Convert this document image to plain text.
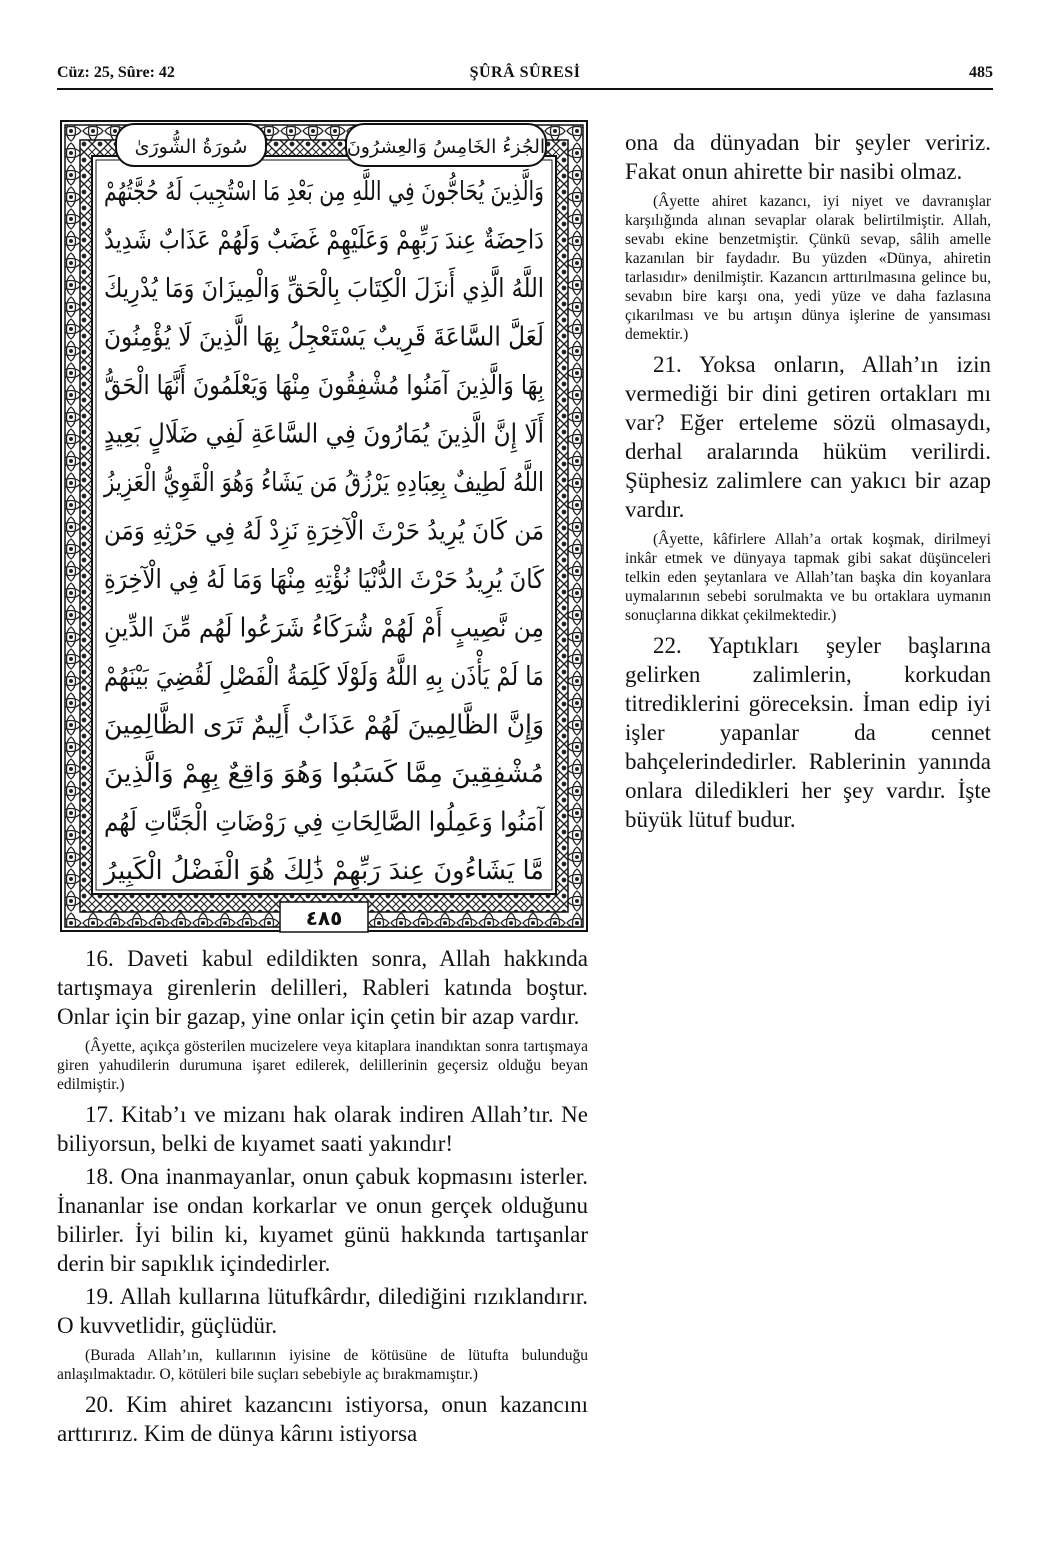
Cüz: 25, Sûre: 42	ŞÛRÂ SÛRESİ	485
الجُزءُ الخَامِسُ وَالعِشرُونَ
سُورَةُ الشُّورَىٰ
وَالَّذِينَ يُحَاجُّونَ فِي اللَّهِ مِن بَعْدِ مَا اسْتُجِيبَ لَهُ حُجَّتُهُمْ
دَاحِضَةٌ عِندَ رَبِّهِمْ وَعَلَيْهِمْ غَضَبٌ وَلَهُمْ عَذَابٌ شَدِيدٌ
اللَّهُ الَّذِي أَنزَلَ الْكِتَابَ بِالْحَقِّ وَالْمِيزَانَ وَمَا يُدْرِيكَ
لَعَلَّ السَّاعَةَ قَرِيبٌ يَسْتَعْجِلُ بِهَا الَّذِينَ لَا يُؤْمِنُونَ
بِهَا وَالَّذِينَ آمَنُوا مُشْفِقُونَ مِنْهَا وَيَعْلَمُونَ أَنَّهَا الْحَقُّ
أَلَا إِنَّ الَّذِينَ يُمَارُونَ فِي السَّاعَةِ لَفِي ضَلَالٍ بَعِيدٍ
اللَّهُ لَطِيفٌ بِعِبَادِهِ يَرْزُقُ مَن يَشَاءُ وَهُوَ الْقَوِيُّ الْعَزِيزُ
مَن كَانَ يُرِيدُ حَرْثَ الْآخِرَةِ نَزِدْ لَهُ فِي حَرْثِهِ وَمَن
كَانَ يُرِيدُ حَرْثَ الدُّنْيَا نُؤْتِهِ مِنْهَا وَمَا لَهُ فِي الْآخِرَةِ
مِن نَّصِيبٍ أَمْ لَهُمْ شُرَكَاءُ شَرَعُوا لَهُم مِّنَ الدِّينِ
مَا لَمْ يَأْذَن بِهِ اللَّهُ وَلَوْلَا كَلِمَةُ الْفَصْلِ لَقُضِيَ بَيْنَهُمْ
وَإِنَّ الظَّالِمِينَ لَهُمْ عَذَابٌ أَلِيمٌ تَرَى الظَّالِمِينَ
مُشْفِقِينَ مِمَّا كَسَبُوا وَهُوَ وَاقِعٌ بِهِمْ وَالَّذِينَ
آمَنُوا وَعَمِلُوا الصَّالِحَاتِ فِي رَوْضَاتِ الْجَنَّاتِ لَهُم
مَّا يَشَاءُونَ عِندَ رَبِّهِمْ ذَٰلِكَ هُوَ الْفَضْلُ الْكَبِيرُ
٤٨٥

16. Daveti kabul edildikten sonra, Allah hakkında tartışmaya girenlerin delilleri, Rableri katında boştur. Onlar için bir gazap, yine onlar için çetin bir azap vardır.

(Âyette, açıkça gösterilen mucizelere veya kitaplara inandıktan sonra tartışmaya giren yahudilerin durumuna işaret edilerek, delillerinin geçersiz olduğu beyan edilmiştir.)

17. Kitab’ı ve mizanı hak olarak indiren Allah’tır. Ne biliyorsun, belki de kıyamet saati yakındır!

18. Ona inanmayanlar, onun çabuk kopmasını isterler. İnananlar ise ondan korkarlar ve onun gerçek olduğunu bilirler. İyi bilin ki, kıyamet günü hakkında tartışanlar derin bir sapıklık içindedirler.

19. Allah kullarına lütufkârdır, dilediğini rızıklandırır. O kuvvetlidir, güçlüdür.

(Burada Allah’ın, kullarının iyisine de kötüsüne de lütufta bulunduğu anlaşılmaktadır. O, kötüleri bile suçları sebebiyle aç bırakmamıştır.)

20. Kim ahiret kazancını istiyorsa, onun kazancını arttırırız. Kim de dünya kârını istiyorsa

ona da dünyadan bir şeyler veririz. Fakat onun ahirette bir nasibi olmaz.

(Âyette ahiret kazancı, iyi niyet ve davranışlar karşılığında alınan sevaplar olarak belirtilmiştir. Allah, sevabı ekine benzetmiştir. Çünkü sevap, sâlih amelle kazanılan bir faydadır. Bu yüzden «Dünya, ahiretin tarlasıdır» denilmiştir. Kazancın arttırılmasına gelince bu, sevabın bire karşı ona, yedi yüze ve daha fazlasına çıkarılması ve bu artışın dünya işlerine de yansıması demektir.)

21. Yoksa onların, Allah’ın izin vermediği bir dini getiren ortakları mı var? Eğer erteleme sözü olmasaydı, derhal aralarında hüküm verilirdi. Şüphesiz zalimlere can yakıcı bir azap vardır.

(Âyette, kâfirlere Allah’a ortak koşmak, dirilmeyi inkâr etmek ve dünyaya tapmak gibi sakat düşünceleri telkin eden şeytanlara ve Allah’tan başka din koyanlara uymalarının sebebi sorulmakta ve bu ortaklara uymanın sonuçlarına dikkat çekilmektedir.)

22. Yaptıkları şeyler başlarına gelirken zalimlerin, korkudan titrediklerini göreceksin. İman edip iyi işler yapanlar da cennet bahçelerindedirler. Rablerinin yanında onlara diledikleri her şey vardır. İşte büyük lütuf budur.
